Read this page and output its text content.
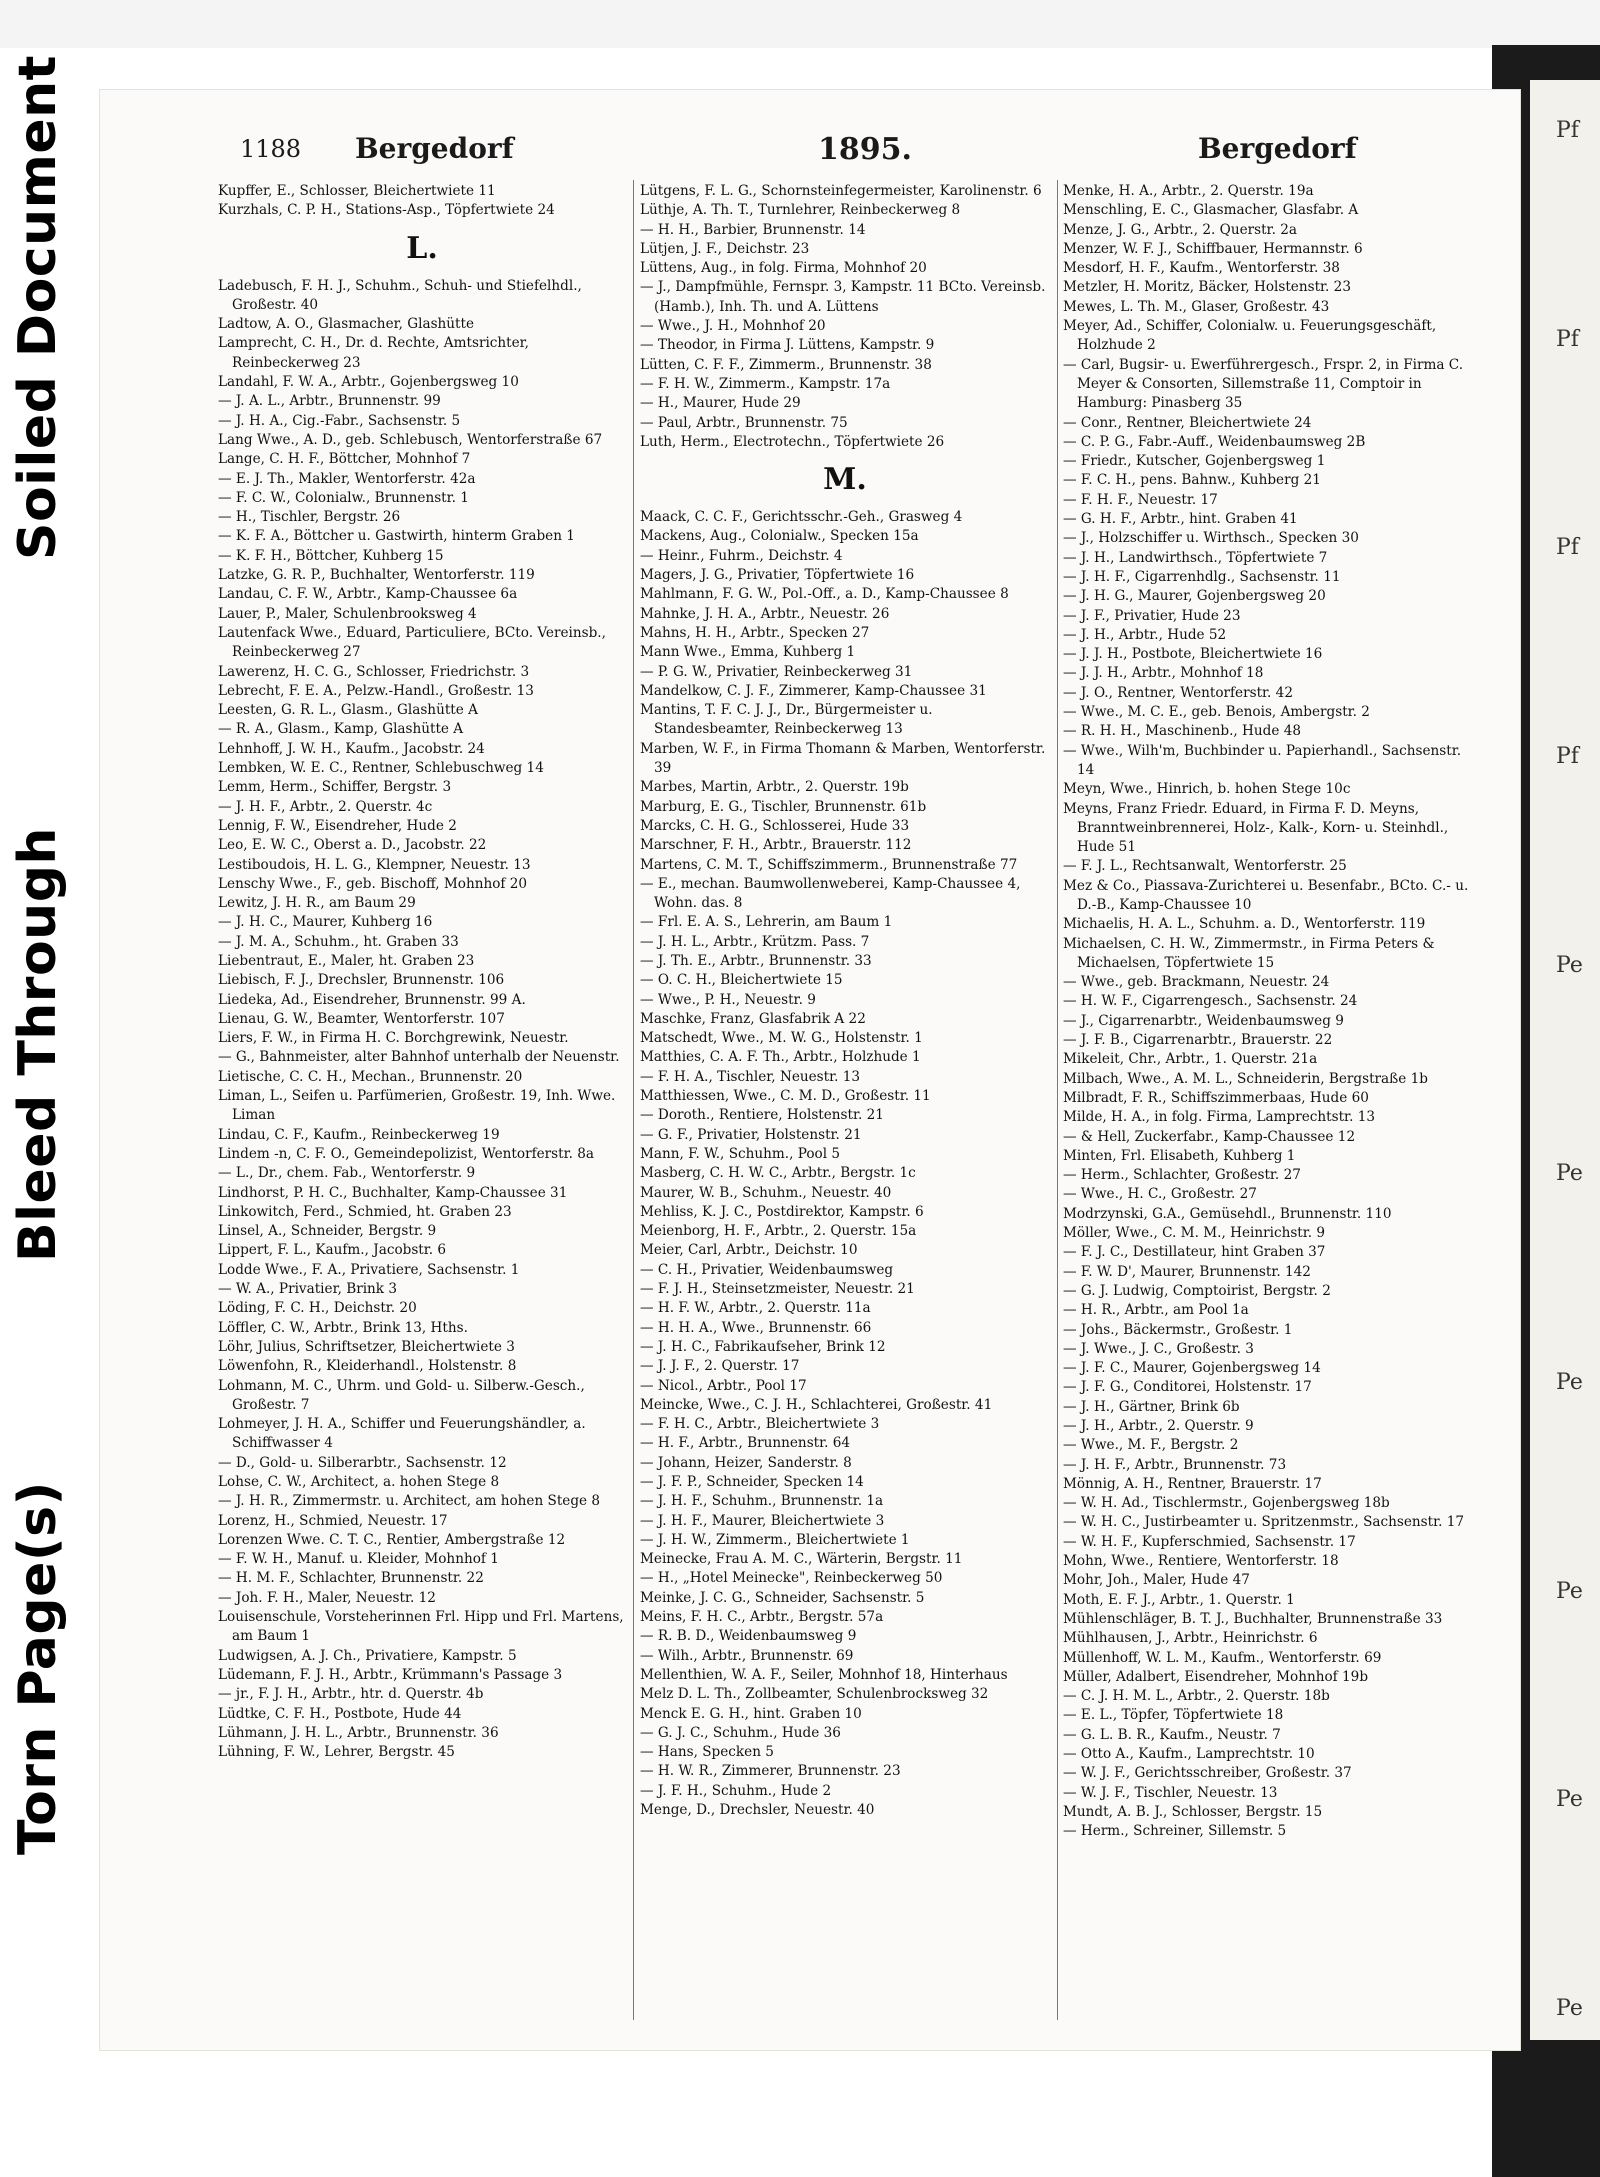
Pf
Pf
Pf
Pf
Pe
Pe
Pe
Pe
Pe
Pe
Bleed Through
Soiled Document
Torn Page(s)
1188 Bergedorf	1895.	Bergedorf

Kupffer, E., Schlosser, Bleichertwiete 11

Kurzhals, C. P. H., Stations-Asp., Töpfertwiete 24

L.

Ladebusch, F. H. J., Schuhm., Schuh- und Stiefelhdl., Großestr. 40

Ladtow, A. O., Glasmacher, Glashütte

Lamprecht, C. H., Dr. d. Rechte, Amtsrichter, Reinbeckerweg 23

Landahl, F. W. A., Arbtr., Gojenbergsweg 10

— J. A. L., Arbtr., Brunnenstr. 99

— J. H. A., Cig.-Fabr., Sachsenstr. 5

Lang Wwe., A. D., geb. Schlebusch, Wentorferstraße 67

Lange, C. H. F., Böttcher, Mohnhof 7

— E. J. Th., Makler, Wentorferstr. 42a

— F. C. W., Colonialw., Brunnenstr. 1

— H., Tischler, Bergstr. 26

— K. F. A., Böttcher u. Gastwirth, hinterm Graben 1

— K. F. H., Böttcher, Kuhberg 15

Latzke, G. R. P., Buchhalter, Wentorferstr. 119

Landau, C. F. W., Arbtr., Kamp-Chaussee 6a

Lauer, P., Maler, Schulenbrooksweg 4

Lautenfack Wwe., Eduard, Particuliere, BCto. Vereinsb., Reinbeckerweg 27

Lawerenz, H. C. G., Schlosser, Friedrichstr. 3

Lebrecht, F. E. A., Pelzw.-Handl., Großestr. 13

Leesten, G. R. L., Glasm., Glashütte A

— R. A., Glasm., Kamp, Glashütte A

Lehnhoff, J. W. H., Kaufm., Jacobstr. 24

Lembken, W. E. C., Rentner, Schlebuschweg 14

Lemm, Herm., Schiffer, Bergstr. 3

— J. H. F., Arbtr., 2. Querstr. 4c

Lennig, F. W., Eisendreher, Hude 2

Leo, E. W. C., Oberst a. D., Jacobstr. 22

Lestiboudois, H. L. G., Klempner, Neuestr. 13

Lenschy Wwe., F., geb. Bischoff, Mohnhof 20

Lewitz, J. H. R., am Baum 29

— J. H. C., Maurer, Kuhberg 16

— J. M. A., Schuhm., ht. Graben 33

Liebentraut, E., Maler, ht. Graben 23

Liebisch, F. J., Drechsler, Brunnenstr. 106

Liedeka, Ad., Eisendreher, Brunnenstr. 99 A.

Lienau, G. W., Beamter, Wentorferstr. 107

Liers, F. W., in Firma H. C. Borchgrewink, Neuestr.

— G., Bahnmeister, alter Bahnhof unterhalb der Neuenstr.

Lietische, C. C. H., Mechan., Brunnenstr. 20

Liman, L., Seifen u. Parfümerien, Großestr. 19, Inh. Wwe. Liman

Lindau, C. F., Kaufm., Reinbeckerweg 19

Lindem -n, C. F. O., Gemeindepolizist, Wentorferstr. 8a

— L., Dr., chem. Fab., Wentorferstr. 9

Lindhorst, P. H. C., Buchhalter, Kamp-Chaussee 31

Linkowitch, Ferd., Schmied, ht. Graben 23

Linsel, A., Schneider, Bergstr. 9

Lippert, F. L., Kaufm., Jacobstr. 6

Lodde Wwe., F. A., Privatiere, Sachsenstr. 1

— W. A., Privatier, Brink 3

Löding, F. C. H., Deichstr. 20

Löffler, C. W., Arbtr., Brink 13, Hths.

Löhr, Julius, Schriftsetzer, Bleichertwiete 3

Löwenfohn, R., Kleiderhandl., Holstenstr. 8

Lohmann, M. C., Uhrm. und Gold- u. Silberw.-Gesch., Großestr. 7

Lohmeyer, J. H. A., Schiffer und Feuerungshändler, a. Schiffwasser 4

— D., Gold- u. Silberarbtr., Sachsenstr. 12

Lohse, C. W., Architect, a. hohen Stege 8

— J. H. R., Zimmermstr. u. Architect, am hohen Stege 8

Lorenz, H., Schmied, Neuestr. 17

Lorenzen Wwe. C. T. C., Rentier, Ambergstraße 12

— F. W. H., Manuf. u. Kleider, Mohnhof 1

— H. M. F., Schlachter, Brunnenstr. 22

— Joh. F. H., Maler, Neuestr. 12

Louisenschule, Vorsteherinnen Frl. Hipp und Frl. Martens, am Baum 1

Ludwigsen, A. J. Ch., Privatiere, Kampstr. 5

Lüdemann, F. J. H., Arbtr., Krümmann's Passage 3

— jr., F. J. H., Arbtr., htr. d. Querstr. 4b

Lüdtke, C. F. H., Postbote, Hude 44

Lühmann, J. H. L., Arbtr., Brunnenstr. 36

Lühning, F. W., Lehrer, Bergstr. 45

Lütgens, F. L. G., Schornsteinfegermeister, Karolinenstr. 6

Lüthje, A. Th. T., Turnlehrer, Reinbeckerweg 8

— H. H., Barbier, Brunnenstr. 14

Lütjen, J. F., Deichstr. 23

Lüttens, Aug., in folg. Firma, Mohnhof 20

— J., Dampfmühle, Fernspr. 3, Kampstr. 11 BCto. Vereinsb. (Hamb.), Inh. Th. und A. Lüttens

— Wwe., J. H., Mohnhof 20

— Theodor, in Firma J. Lüttens, Kampstr. 9

Lütten, C. F. F., Zimmerm., Brunnenstr. 38

— F. H. W., Zimmerm., Kampstr. 17a

— H., Maurer, Hude 29

— Paul, Arbtr., Brunnenstr. 75

Luth, Herm., Electrotechn., Töpfertwiete 26

M.

Maack, C. C. F., Gerichtsschr.-Geh., Grasweg 4

Mackens, Aug., Colonialw., Specken 15a

— Heinr., Fuhrm., Deichstr. 4

Magers, J. G., Privatier, Töpfertwiete 16

Mahlmann, F. G. W., Pol.-Off., a. D., Kamp-Chaussee 8

Mahnke, J. H. A., Arbtr., Neuestr. 26

Mahns, H. H., Arbtr., Specken 27

Mann Wwe., Emma, Kuhberg 1

— P. G. W., Privatier, Reinbeckerweg 31

Mandelkow, C. J. F., Zimmerer, Kamp-Chaussee 31

Mantins, T. F. C. J. J., Dr., Bürgermeister u. Standesbeamter, Reinbeckerweg 13

Marben, W. F., in Firma Thomann & Marben, Wentorferstr. 39

Marbes, Martin, Arbtr., 2. Querstr. 19b

Marburg, E. G., Tischler, Brunnenstr. 61b

Marcks, C. H. G., Schlosserei, Hude 33

Marschner, F. H., Arbtr., Brauerstr. 112

Martens, C. M. T., Schiffszimmerm., Brunnenstraße 77

— E., mechan. Baumwollenweberei, Kamp-Chaussee 4, Wohn. das. 8

— Frl. E. A. S., Lehrerin, am Baum 1

— J. H. L., Arbtr., Krützm. Pass. 7

— J. Th. E., Arbtr., Brunnenstr. 33

— O. C. H., Bleichertwiete 15

— Wwe., P. H., Neuestr. 9

Maschke, Franz, Glasfabrik A 22

Matschedt, Wwe., M. W. G., Holstenstr. 1

Matthies, C. A. F. Th., Arbtr., Holzhude 1

— F. H. A., Tischler, Neuestr. 13

Matthiessen, Wwe., C. M. D., Großestr. 11

— Doroth., Rentiere, Holstenstr. 21

— G. F., Privatier, Holstenstr. 21

Mann, F. W., Schuhm., Pool 5

Masberg, C. H. W. C., Arbtr., Bergstr. 1c

Maurer, W. B., Schuhm., Neuestr. 40

Mehliss, K. J. C., Postdirektor, Kampstr. 6

Meienborg, H. F., Arbtr., 2. Querstr. 15a

Meier, Carl, Arbtr., Deichstr. 10

— C. H., Privatier, Weidenbaumsweg

— F. J. H., Steinsetzmeister, Neuestr. 21

— H. F. W., Arbtr., 2. Querstr. 11a

— H. H. A., Wwe., Brunnenstr. 66

— J. H. C., Fabrikaufseher, Brink 12

— J. J. F., 2. Querstr. 17

— Nicol., Arbtr., Pool 17

Meincke, Wwe., C. J. H., Schlachterei, Großestr. 41

— F. H. C., Arbtr., Bleichertwiete 3

— H. F., Arbtr., Brunnenstr. 64

— Johann, Heizer, Sanderstr. 8

— J. F. P., Schneider, Specken 14

— J. H. F., Schuhm., Brunnenstr. 1a

— J. H. F., Maurer, Bleichertwiete 3

— J. H. W., Zimmerm., Bleichertwiete 1

Meinecke, Frau A. M. C., Wärterin, Bergstr. 11

— H., „Hotel Meinecke", Reinbeckerweg 50

Meinke, J. C. G., Schneider, Sachsenstr. 5

Meins, F. H. C., Arbtr., Bergstr. 57a

— R. B. D., Weidenbaumsweg 9

— Wilh., Arbtr., Brunnenstr. 69

Mellenthien, W. A. F., Seiler, Mohnhof 18, Hinterhaus

Melz D. L. Th., Zollbeamter, Schulenbrocksweg 32

Menck E. G. H., hint. Graben 10

— G. J. C., Schuhm., Hude 36

— Hans, Specken 5

— H. W. R., Zimmerer, Brunnenstr. 23

— J. F. H., Schuhm., Hude 2

Menge, D., Drechsler, Neuestr. 40

Menke, H. A., Arbtr., 2. Querstr. 19a

Menschling, E. C., Glasmacher, Glasfabr. A

Menze, J. G., Arbtr., 2. Querstr. 2a

Menzer, W. F. J., Schiffbauer, Hermannstr. 6

Mesdorf, H. F., Kaufm., Wentorferstr. 38

Metzler, H. Moritz, Bäcker, Holstenstr. 23

Mewes, L. Th. M., Glaser, Großestr. 43

Meyer, Ad., Schiffer, Colonialw. u. Feuerungsgeschäft, Holzhude 2

— Carl, Bugsir- u. Ewerführergesch., Frspr. 2, in Firma C. Meyer & Consorten, Sillemstraße 11, Comptoir in Hamburg: Pinasberg 35

— Conr., Rentner, Bleichertwiete 24

— C. P. G., Fabr.-Auff., Weidenbaumsweg 2B

— Friedr., Kutscher, Gojenbergsweg 1

— F. C. H., pens. Bahnw., Kuhberg 21

— F. H. F., Neuestr. 17

— G. H. F., Arbtr., hint. Graben 41

— J., Holzschiffer u. Wirthsch., Specken 30

— J. H., Landwirthsch., Töpfertwiete 7

— J. H. F., Cigarrenhdlg., Sachsenstr. 11

— J. H. G., Maurer, Gojenbergsweg 20

— J. F., Privatier, Hude 23

— J. H., Arbtr., Hude 52

— J. J. H., Postbote, Bleichertwiete 16

— J. J. H., Arbtr., Mohnhof 18

— J. O., Rentner, Wentorferstr. 42

— Wwe., M. C. E., geb. Benois, Ambergstr. 2

— R. H. H., Maschinenb., Hude 48

— Wwe., Wilh'm, Buchbinder u. Papierhandl., Sachsenstr. 14

Meyn, Wwe., Hinrich, b. hohen Stege 10c

Meyns, Franz Friedr. Eduard, in Firma F. D. Meyns, Branntweinbrennerei, Holz-, Kalk-, Korn- u. Steinhdl., Hude 51

— F. J. L., Rechtsanwalt, Wentorferstr. 25

Mez & Co., Piassava-Zurichterei u. Besenfabr., BCto. C.- u. D.-B., Kamp-Chaussee 10

Michaelis, H. A. L., Schuhm. a. D., Wentorferstr. 119

Michaelsen, C. H. W., Zimmermstr., in Firma Peters & Michaelsen, Töpfertwiete 15

— Wwe., geb. Brackmann, Neuestr. 24

— H. W. F., Cigarrengesch., Sachsenstr. 24

— J., Cigarrenarbtr., Weidenbaumsweg 9

— J. F. B., Cigarrenarbtr., Brauerstr. 22

Mikeleit, Chr., Arbtr., 1. Querstr. 21a

Milbach, Wwe., A. M. L., Schneiderin, Bergstraße 1b

Milbradt, F. R., Schiffszimmerbaas, Hude 60

Milde, H. A., in folg. Firma, Lamprechtstr. 13

— & Hell, Zuckerfabr., Kamp-Chaussee 12

Minten, Frl. Elisabeth, Kuhberg 1

— Herm., Schlachter, Großestr. 27

— Wwe., H. C., Großestr. 27

Modrzynski, G.A., Gemüsehdl., Brunnenstr. 110

Möller, Wwe., C. M. M., Heinrichstr. 9

— F. J. C., Destillateur, hint Graben 37

— F. W. D', Maurer, Brunnenstr. 142

— G. J. Ludwig, Comptoirist, Bergstr. 2

— H. R., Arbtr., am Pool 1a

— Johs., Bäckermstr., Großestr. 1

— J. Wwe., J. C., Großestr. 3

— J. F. C., Maurer, Gojenbergsweg 14

— J. F. G., Conditorei, Holstenstr. 17

— J. H., Gärtner, Brink 6b

— J. H., Arbtr., 2. Querstr. 9

— Wwe., M. F., Bergstr. 2

— J. H. F., Arbtr., Brunnenstr. 73

Mönnig, A. H., Rentner, Brauerstr. 17

— W. H. Ad., Tischlermstr., Gojenbergsweg 18b

— W. H. C., Justirbeamter u. Spritzenmstr., Sachsenstr. 17

— W. H. F., Kupferschmied, Sachsenstr. 17

Mohn, Wwe., Rentiere, Wentorferstr. 18

Mohr, Joh., Maler, Hude 47

Moth, E. F. J., Arbtr., 1. Querstr. 1

Mühlenschläger, B. T. J., Buchhalter, Brunnenstraße 33

Mühlhausen, J., Arbtr., Heinrichstr. 6

Müllenhoff, W. L. M., Kaufm., Wentorferstr. 69

Müller, Adalbert, Eisendreher, Mohnhof 19b

— C. J. H. M. L., Arbtr., 2. Querstr. 18b

— E. L., Töpfer, Töpfertwiete 18

— G. L. B. R., Kaufm., Neustr. 7

— Otto A., Kaufm., Lamprechtstr. 10

— W. J. F., Gerichtsschreiber, Großestr. 37

— W. J. F., Tischler, Neuestr. 13

Mundt, A. B. J., Schlosser, Bergstr. 15

— Herm., Schreiner, Sillemstr. 5
